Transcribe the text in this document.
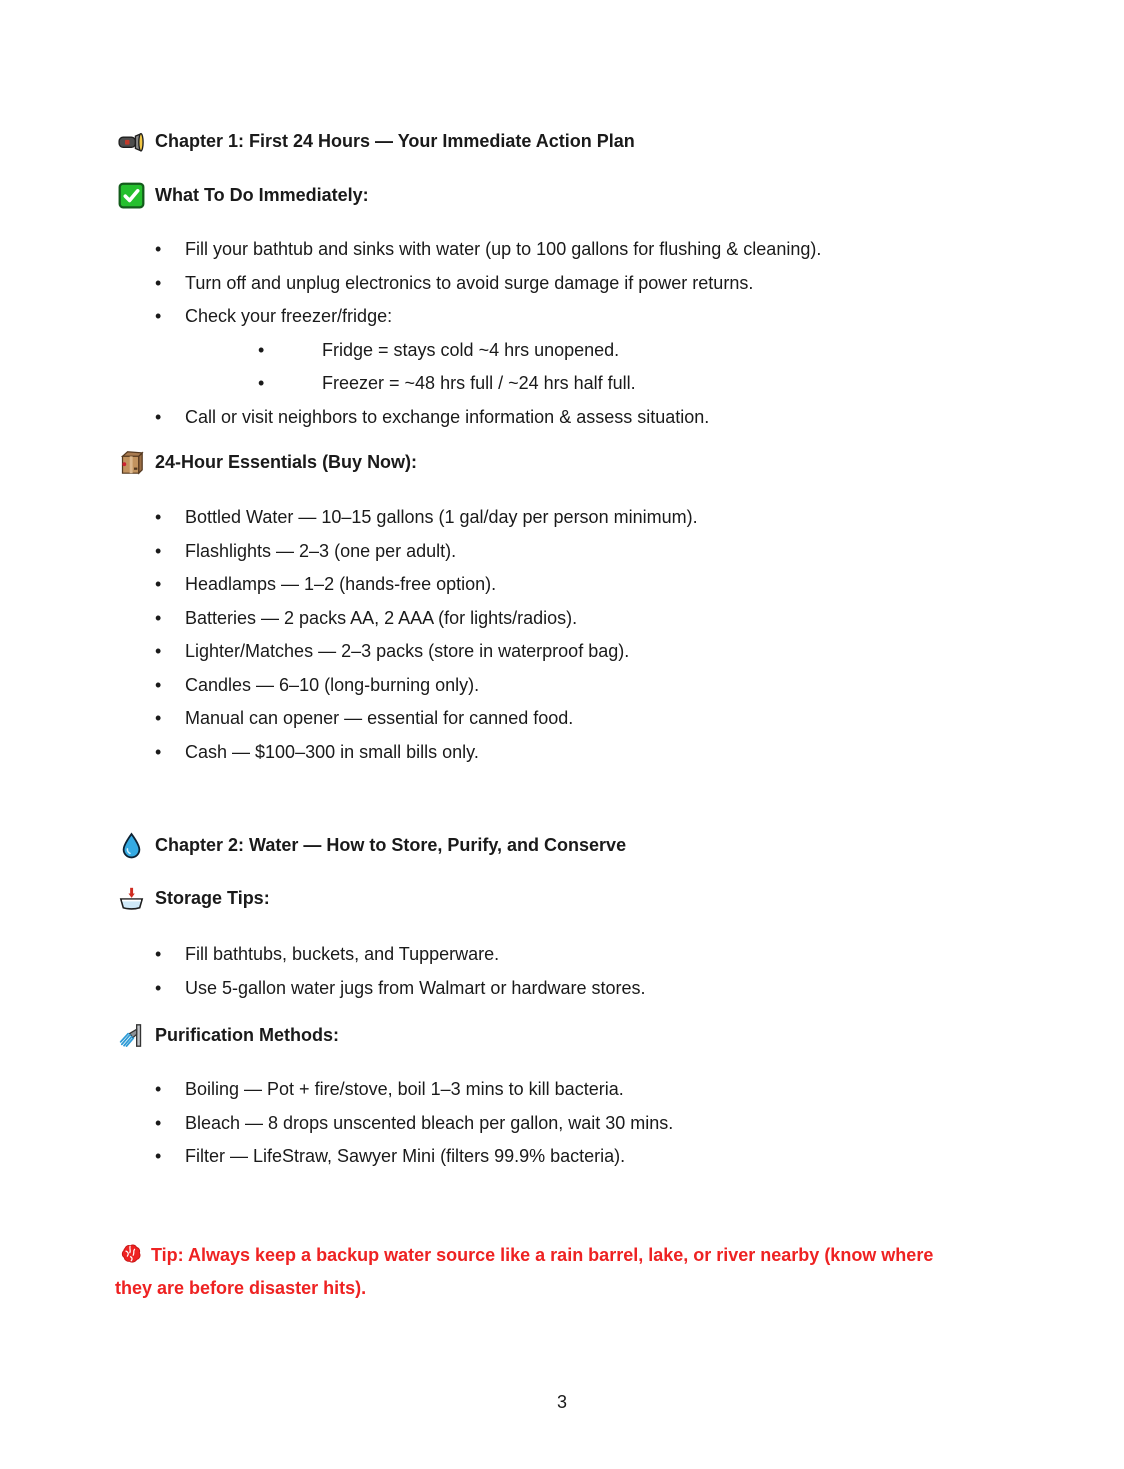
Chapter 1: First 24 Hours — Your Immediate Action Plan
What To Do Immediately:
•
Fill your bathtub and sinks with water (up to 100 gallons for flushing & cleaning).
•
Turn off and unplug electronics to avoid surge damage if power returns.
•
Check your freezer/fridge:
•
Fridge = stays cold ~4 hrs unopened.
•
Freezer = ~48 hrs full / ~24 hrs half full.
•
Call or visit neighbors to exchange information & assess situation.
24-Hour Essentials (Buy Now):
•
Bottled Water — 10–15 gallons (1 gal/day per person minimum).
•
Flashlights — 2–3 (one per adult).
•
Headlamps — 1–2 (hands-free option).
•
Batteries — 2 packs AA, 2 AAA (for lights/radios).
•
Lighter/Matches — 2–3 packs (store in waterproof bag).
•
Candles — 6–10 (long-burning only).
•
Manual can opener — essential for canned food.
•
Cash — $100–300 in small bills only.
Chapter 2: Water — How to Store, Purify, and Conserve
Storage Tips:
•
Fill bathtubs, buckets, and Tupperware.
•
Use 5-gallon water jugs from Walmart or hardware stores.
Purification Methods:
•
Boiling — Pot + fire/stove, boil 1–3 mins to kill bacteria.
•
Bleach — 8 drops unscented bleach per gallon, wait 30 mins.
•
Filter — LifeStraw, Sawyer Mini (filters 99.9% bacteria).

Tip: Always keep a backup water source like a rain barrel, lake, or river nearby (know where they are before disaster hits).

3
